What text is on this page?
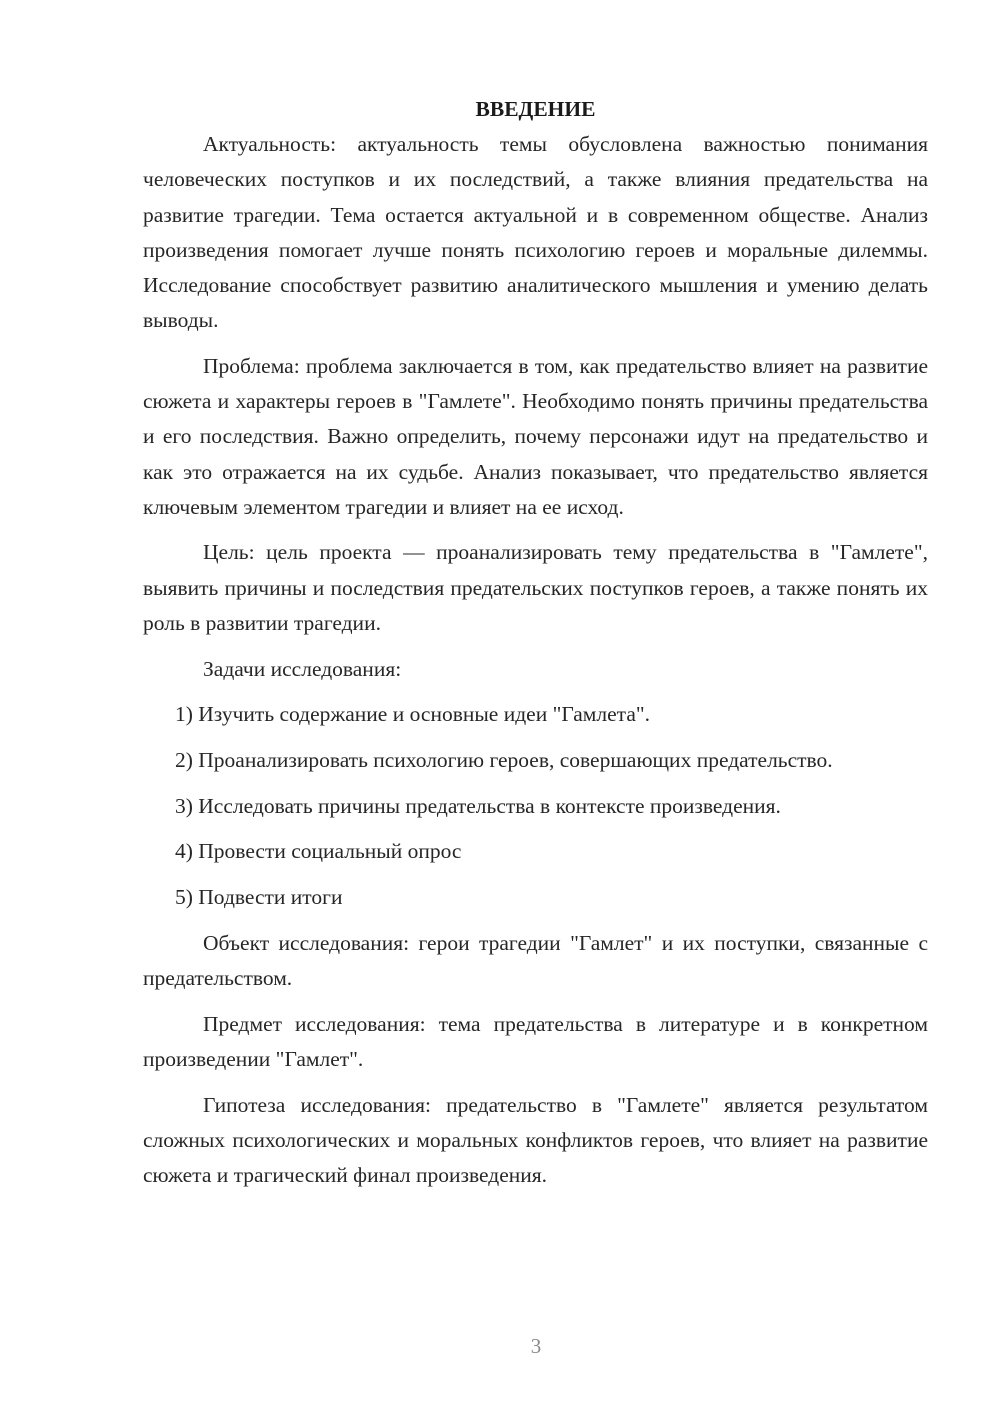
ВВЕДЕНИЕ

Актуальность: актуальность темы обусловлена важностью понимания человеческих поступков и их последствий, а также влияния предательства на развитие трагедии. Тема остается актуальной и в современном обществе. Анализ произведения помогает лучше понять психологию героев и моральные дилеммы. Исследование способствует развитию аналитического мышления и умению делать выводы.

Проблема: проблема заключается в том, как предательство влияет на развитие сюжета и характеры героев в "Гамлете". Необходимо понять причины предательства и его последствия. Важно определить, почему персонажи идут на предательство и как это отражается на их судьбе. Анализ показывает, что предательство является ключевым элементом трагедии и влияет на ее исход.

Цель: цель проекта — проанализировать тему предательства в "Гамлете", выявить причины и последствия предательских поступков героев, а также понять их роль в развитии трагедии.

Задачи исследования:

1) Изучить содержание и основные идеи "Гамлета".

2) Проанализировать психологию героев, совершающих предательство.

3) Исследовать причины предательства в контексте произведения.

4) Провести социальный опрос

5) Подвести итоги

Объект исследования: герои трагедии "Гамлет" и их поступки, связанные с предательством.

Предмет исследования: тема предательства в литературе и в конкретном произведении "Гамлет".

Гипотеза исследования: предательство в "Гамлете" является результатом сложных психологических и моральных конфликтов героев, что влияет на развитие сюжета и трагический финал произведения.

3
